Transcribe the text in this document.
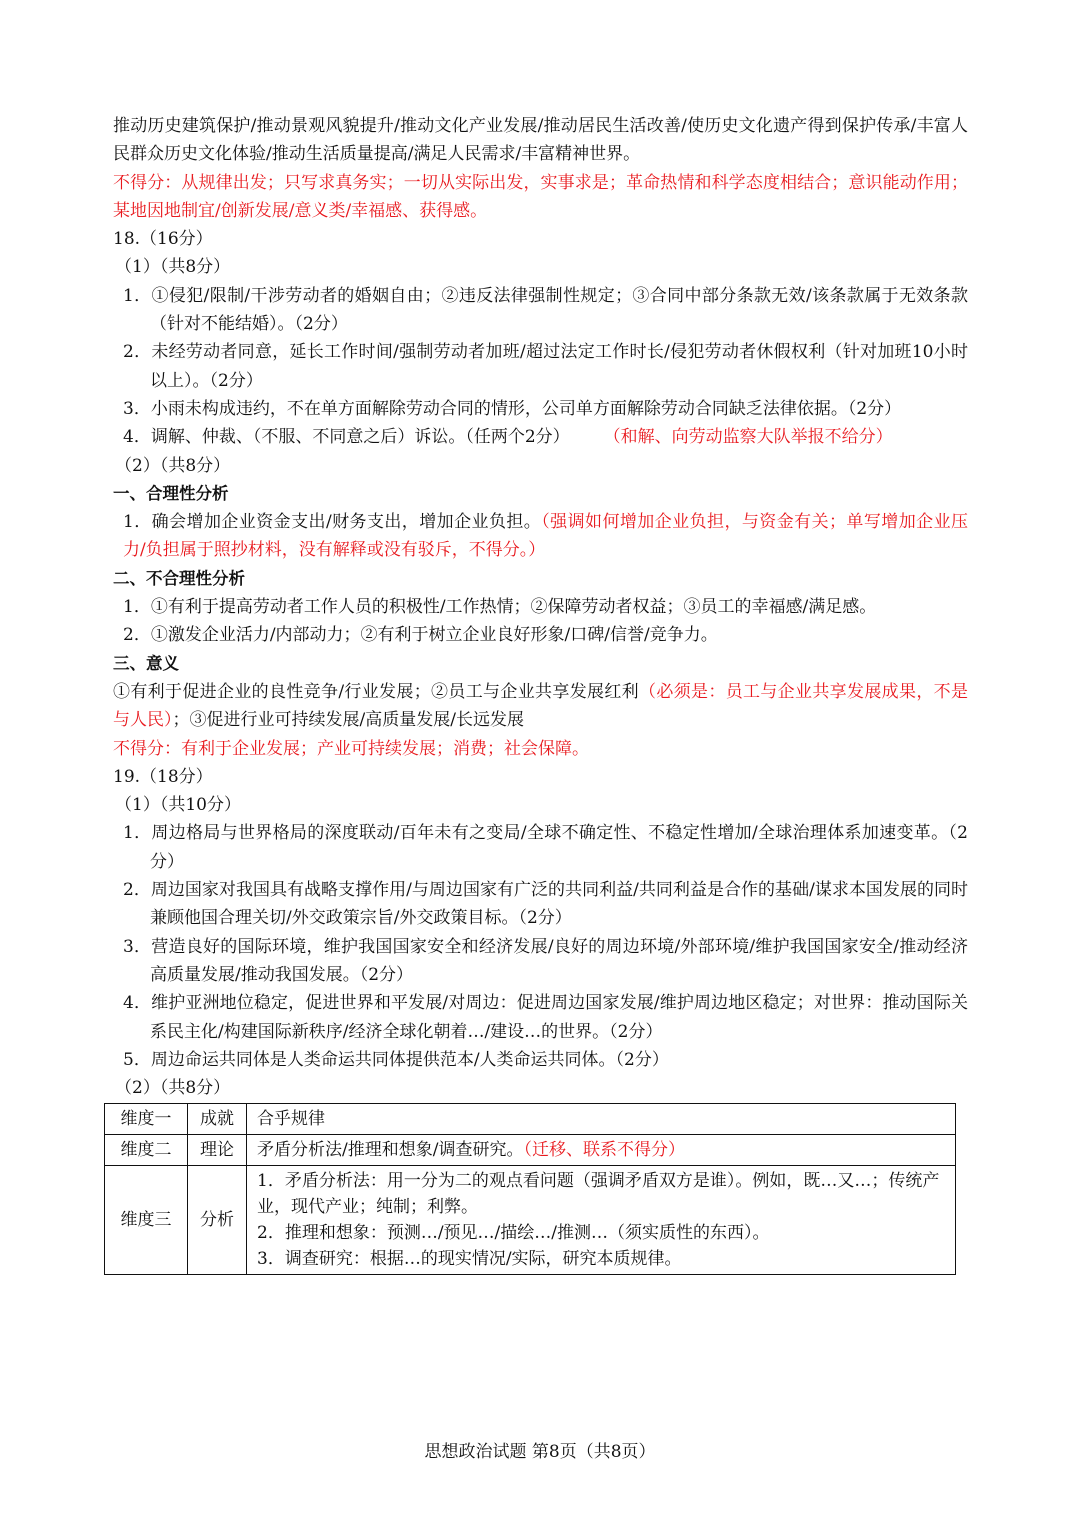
推动历史建筑保护/推动景观风貌提升/推动文化产业发展/推动居民生活改善/使历史文化遗产得到保护传承/丰富人民群众历史文化体验/推动生活质量提高/满足人民需求/丰富精神世界。

不得分：从规律出发；只写求真务实；一切从实际出发，实事求是；革命热情和科学态度相结合；意识能动作用；某地因地制宜/创新发展/意义类/幸福感、获得感。

18.（16分）

（1）（共8分）

1．①侵犯/限制/干涉劳动者的婚姻自由；②违反法律强制性规定；③合同中部分条款无效/该条款属于无效条款（针对不能结婚）。（2分）

2．未经劳动者同意，延长工作时间/强制劳动者加班/超过法定工作时长/侵犯劳动者休假权利（针对加班10小时以上）。（2分）

3．小雨未构成违约，不在单方面解除劳动合同的情形，公司单方面解除劳动合同缺乏法律依据。（2分）

4．调解、仲裁、（不服、不同意之后）诉讼。（任两个2分） （和解、向劳动监察大队举报不给分）

（2）（共8分）

一、合理性分析

1．确会增加企业资金支出/财务支出，增加企业负担。（强调如何增加企业负担，与资金有关；单写增加企业压力/负担属于照抄材料，没有解释或没有驳斥，不得分。）

二、不合理性分析

1．①有利于提高劳动者工作人员的积极性/工作热情；②保障劳动者权益；③员工的幸福感/满足感。

2．①激发企业活力/内部动力；②有利于树立企业良好形象/口碑/信誉/竞争力。

三、意义

①有利于促进企业的良性竞争/行业发展；②员工与企业共享发展红利（必须是：员工与企业共享发展成果，不是与人民）；③促进行业可持续发展/高质量发展/长远发展

不得分：有利于企业发展；产业可持续发展；消费；社会保障。

19.（18分）

（1）（共10分）

1．周边格局与世界格局的深度联动/百年未有之变局/全球不确定性、不稳定性增加/全球治理体系加速变革。（2分）

2．周边国家对我国具有战略支撑作用/与周边国家有广泛的共同利益/共同利益是合作的基础/谋求本国发展的同时兼顾他国合理关切/外交政策宗旨/外交政策目标。（2分）

3．营造良好的国际环境，维护我国国家安全和经济发展/良好的周边环境/外部环境/维护我国国家安全/推动经济高质量发展/推动我国发展。（2分）

4．维护亚洲地位稳定，促进世界和平发展/对周边：促进周边国家发展/维护周边地区稳定；对世界：推动国际关系民主化/构建国际新秩序/经济全球化朝着…/建设…的世界。（2分）

5．周边命运共同体是人类命运共同体提供范本/人类命运共同体。（2分）

（2）（共8分）

维度一	成就	合乎规律
维度二	理论	矛盾分析法/推理和想象/调查研究。（迁移、联系不得分）
维度三	分析	1．矛盾分析法：用一分为二的观点看问题（强调矛盾双方是谁）。例如，既…又…；传统产业，现代产业；纯制；利弊。
2．推理和想象：预测…/预见…/描绘…/推测…（须实质性的东西）。
3．调查研究：根据…的现实情况/实际，研究本质规律。
思想政治试题 第8页（共8页）
